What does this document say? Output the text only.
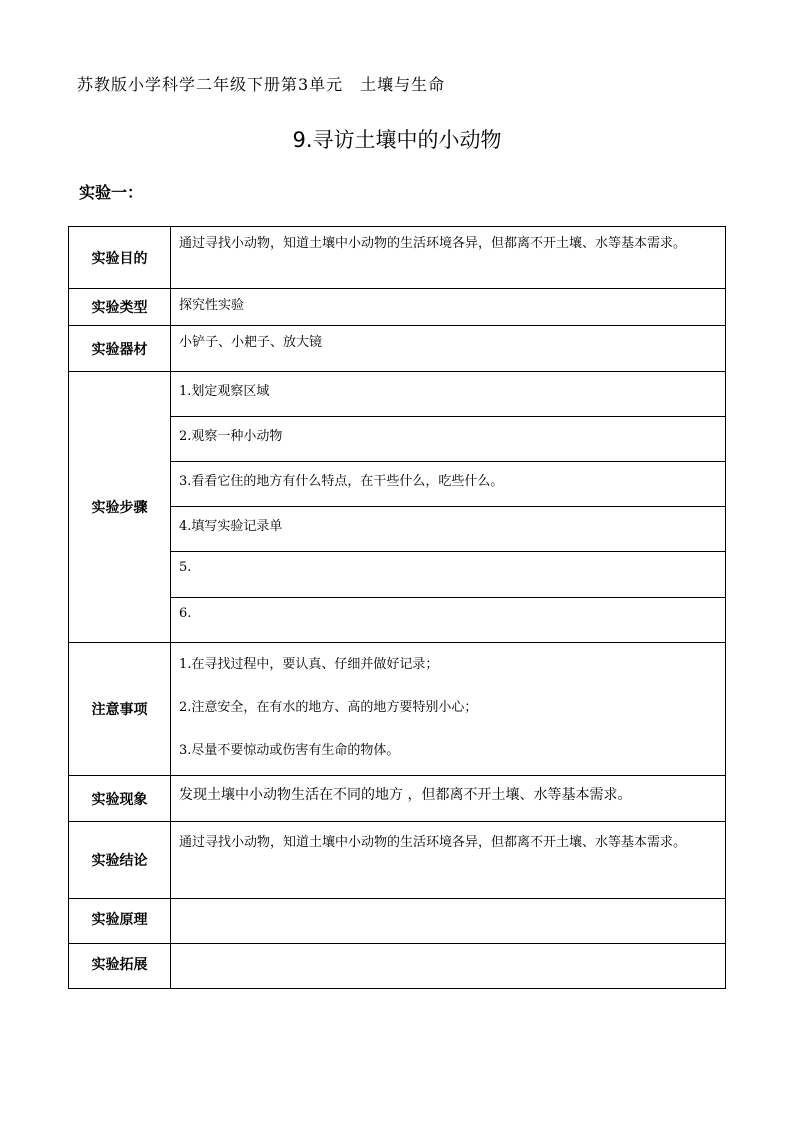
苏教版小学科学二年级下册第3单元　土壤与生命
9.寻访土壤中的小动物
实验一：
实验目的	通过寻找小动物，知道土壤中小动物的生活环境各异，但都离不开土壤、水等基本需求。
实验类型	探究性实验
实验器材	小铲子、小耙子、放大镜
实验步骤	1.划定观察区域
	2.观察一种小动物
	3.看看它住的地方有什么特点，在干些什么，吃些什么。
	4.填写实验记录单
	5.
	6.
注意事项	1.在寻找过程中，要认真、仔细并做好记录；
2.注意安全，在有水的地方、高的地方要特别小心；
3.尽量不要惊动或伤害有生命的物体。

实验现象	发现土壤中小动物生活在不同的地方 ，但都离不开土壤、水等基本需求。
实验结论	通过寻找小动物，知道土壤中小动物的生活环境各异，但都离不开土壤、水等基本需求。
实验原理	
实验拓展	
